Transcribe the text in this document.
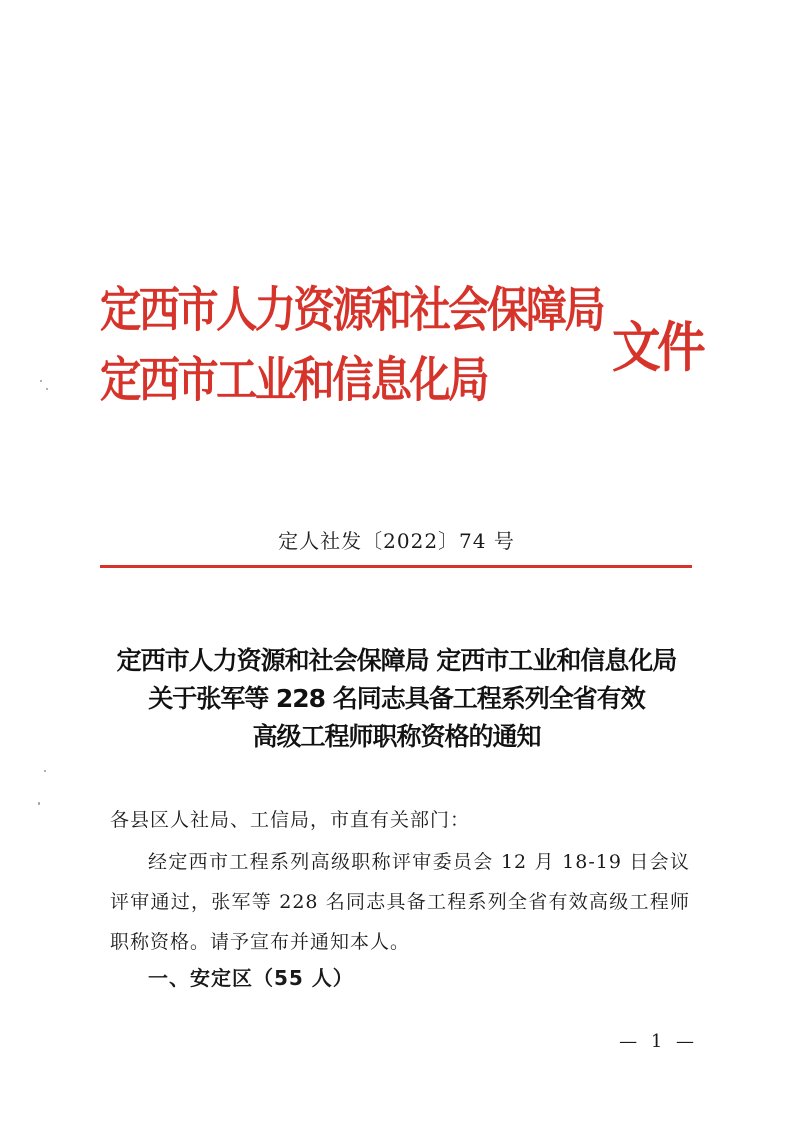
定西市人力资源和社会保障局
定西市工业和信息化局
文件
定人社发〔2022〕74 号
定西市人力资源和社会保障局 定西市工业和信息化局
关于张军等 228 名同志具备工程系列全省有效
高级工程师职称资格的通知
各县区人社局、工信局，市直有关部门：
经定西市工程系列高级职称评审委员会 12 月 18-19 日会议评审通过，张军等 228 名同志具备工程系列全省有效高级工程师职称资格。请予宣布并通知本人。
一、安定区（55 人）
— 1 —
